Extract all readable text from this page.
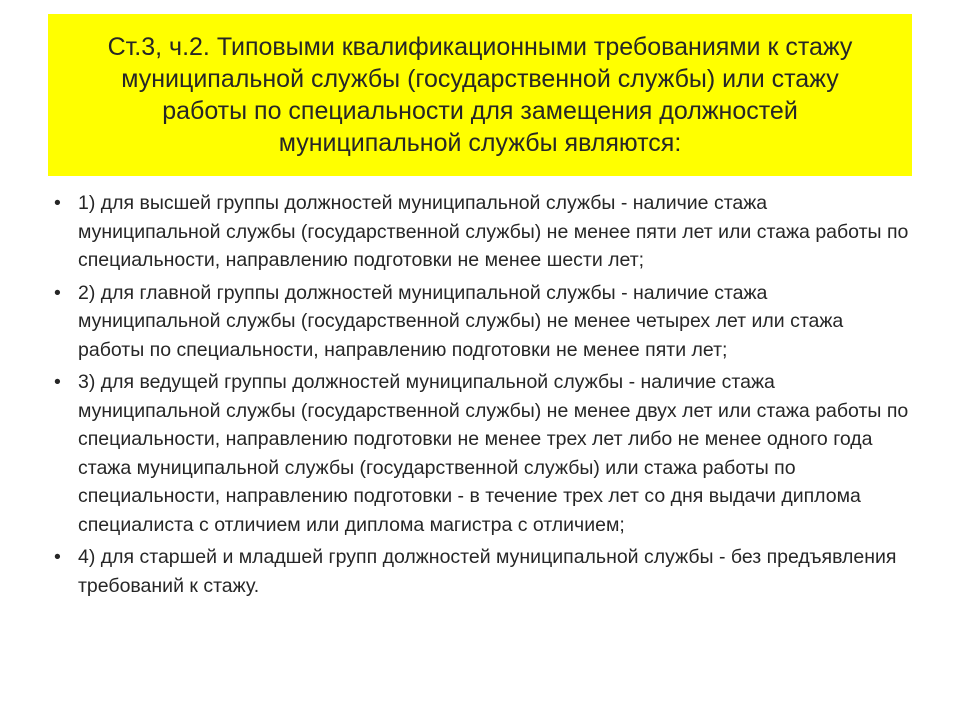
Ст.3, ч.2. Типовыми квалификационными требованиями к стажу муниципальной службы (государственной службы) или стажу работы по специальности для замещения должностей муниципальной службы являются:
• 1) для высшей группы должностей муниципальной службы - наличие стажа муниципальной службы (государственной службы) не менее пяти лет или стажа работы по специальности, направлению подготовки не менее шести лет;
• 2) для главной группы должностей муниципальной службы - наличие стажа муниципальной службы (государственной службы) не менее четырех лет или стажа работы по специальности, направлению подготовки не менее пяти лет;
• 3) для ведущей группы должностей муниципальной службы - наличие стажа муниципальной службы (государственной службы) не менее двух лет или стажа работы по специальности, направлению подготовки не менее трех лет либо не менее одного года стажа муниципальной службы (государственной службы) или стажа работы по специальности, направлению подготовки - в течение трех лет со дня выдачи диплома специалиста с отличием или диплома магистра с отличием;
• 4) для старшей и младшей групп должностей муниципальной службы - без предъявления требований к стажу.
